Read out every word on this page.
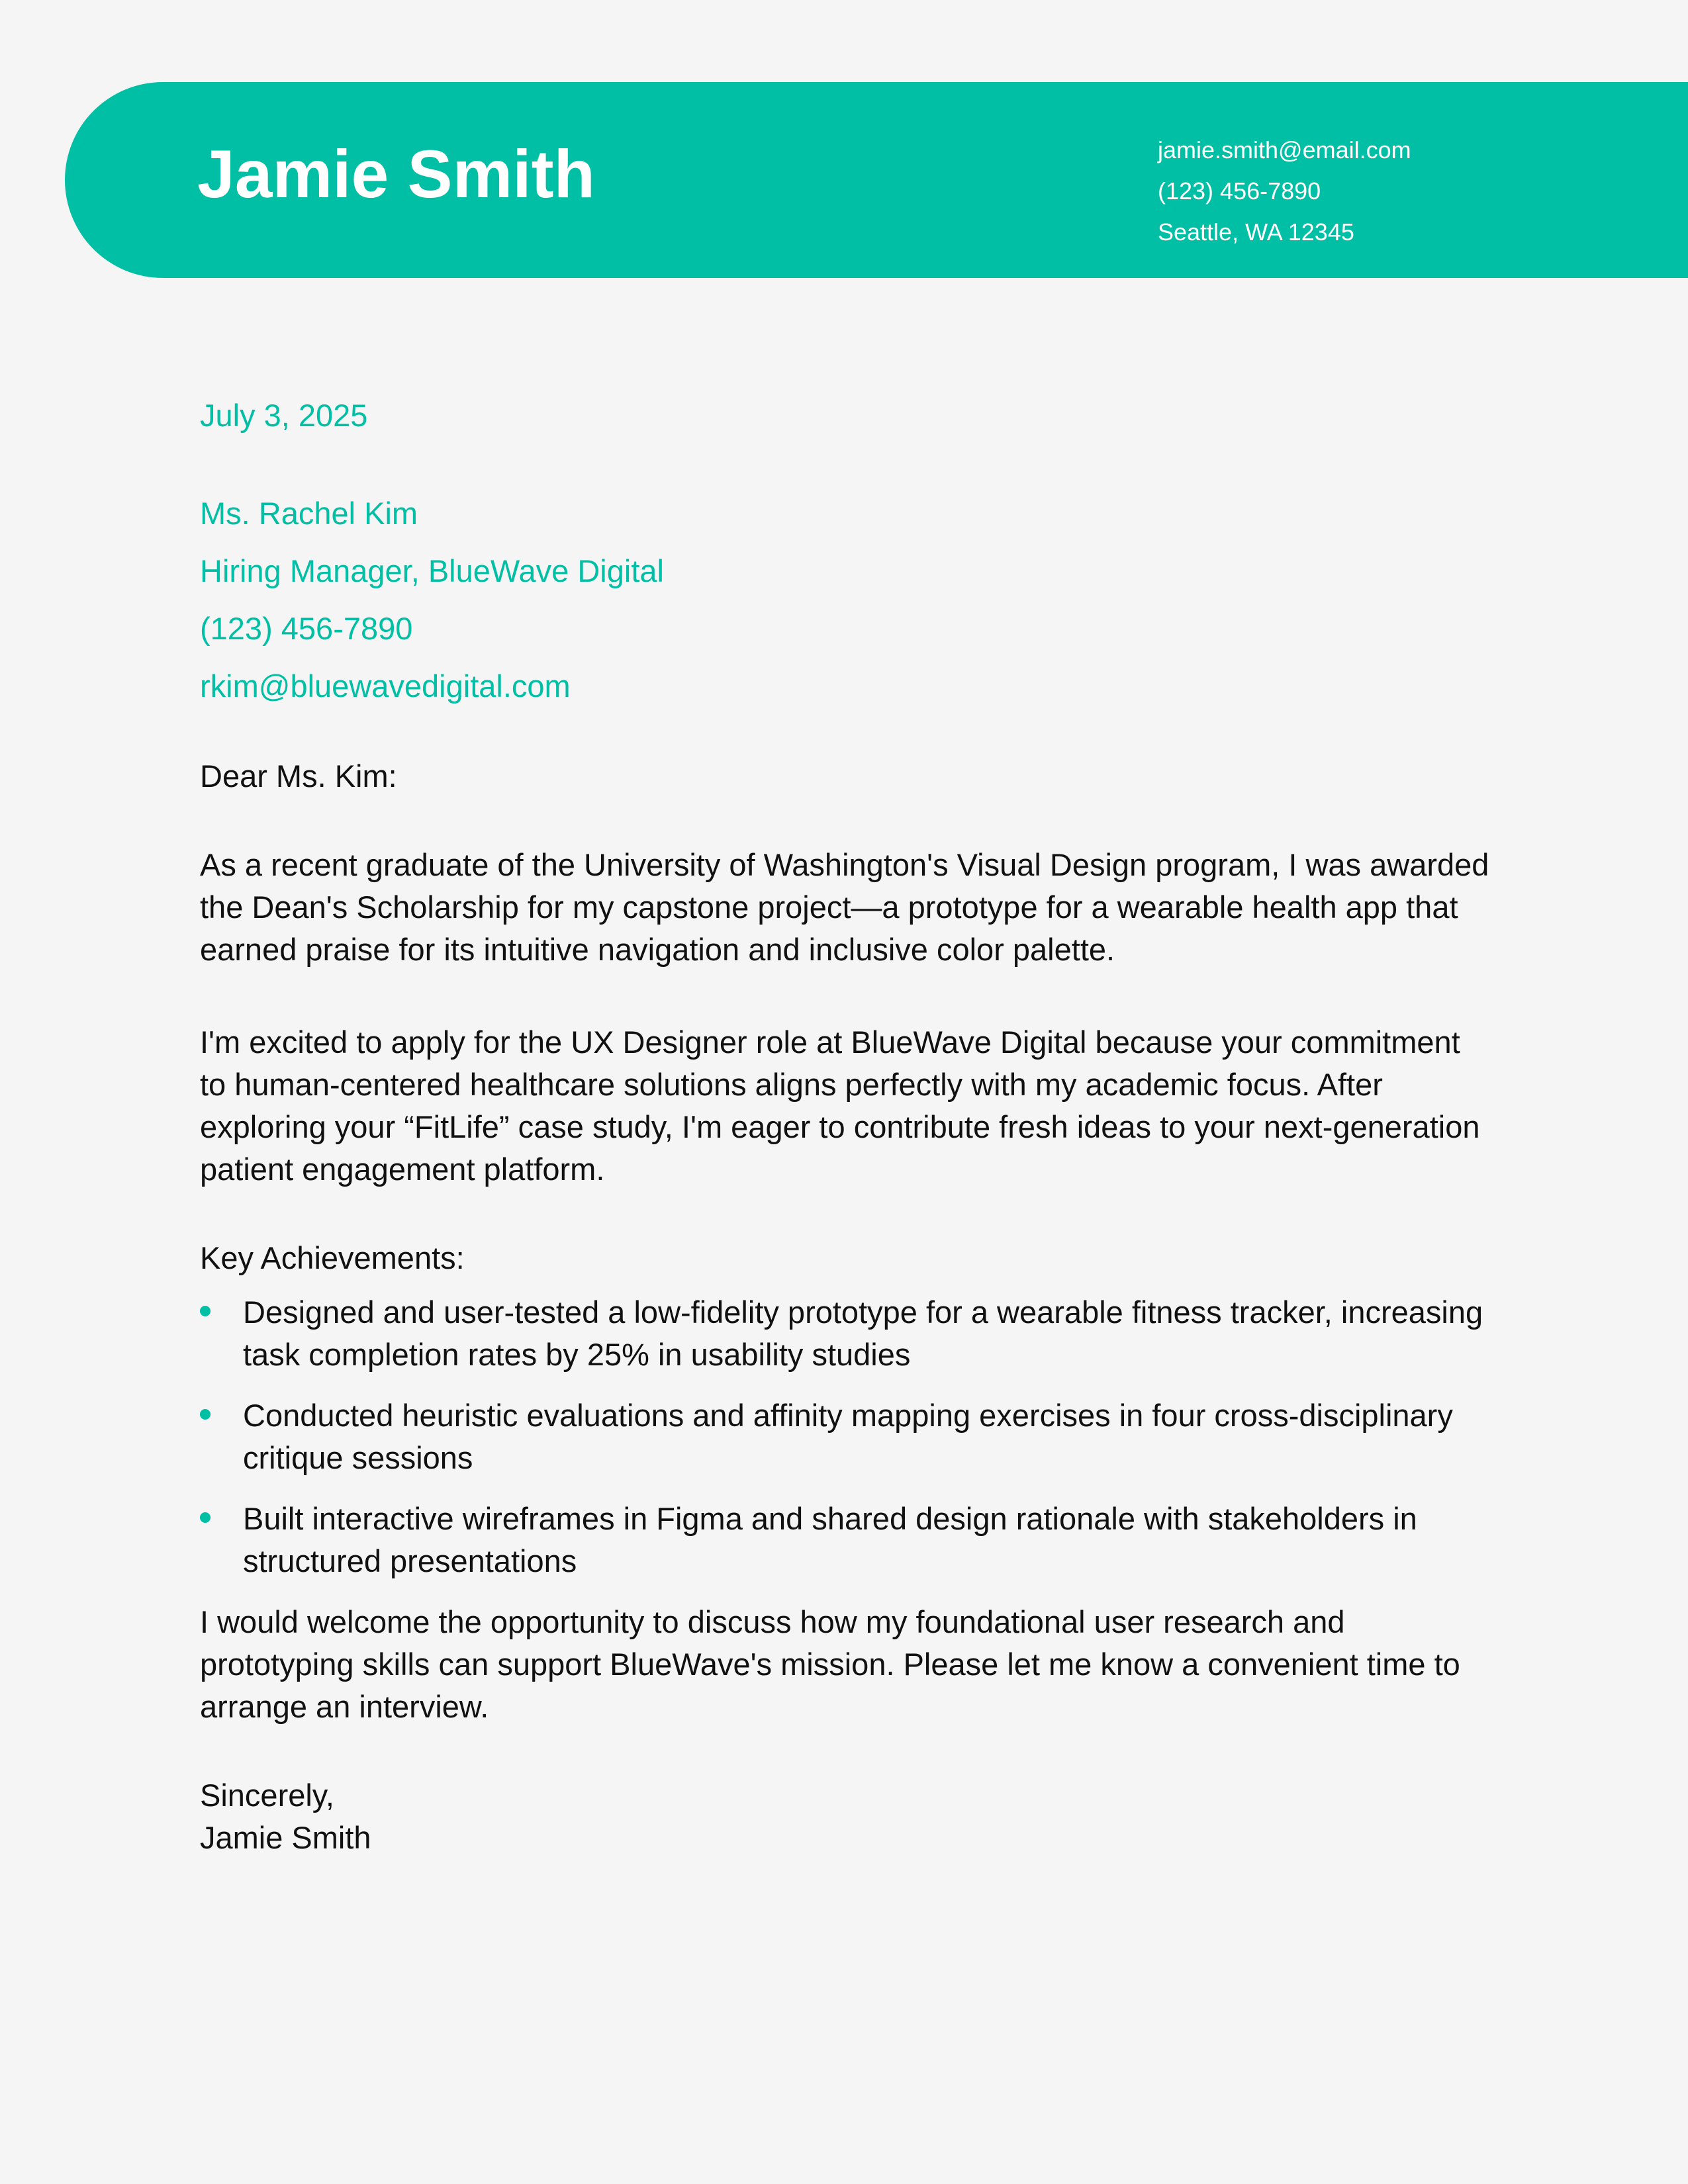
Jamie Smith	jamie.smith@email.com
(123) 456-7890
Seattle, WA 12345
July 3, 2025
Ms. Rachel Kim
Hiring Manager, BlueWave Digital
(123) 456-7890
rkim@bluewavedigital.com
Dear Ms. Kim:

As a recent graduate of the University of Washington's Visual Design program, I was awarded the Dean's Scholarship for my capstone project—a prototype for a wearable health app that earned praise for its intuitive navigation and inclusive color palette.

I'm excited to apply for the UX Designer role at BlueWave Digital because your commitment to human-centered healthcare solutions aligns perfectly with my academic focus. After exploring your “FitLife” case study, I'm eager to contribute fresh ideas to your next-generation patient engagement platform.

Key Achievements:
Designed and user-tested a low-fidelity prototype for a wearable fitness tracker, increasing task completion rates by 25% in usability studies
Conducted heuristic evaluations and affinity mapping exercises in four cross-disciplinary critique sessions
Built interactive wireframes in Figma and shared design rationale with stakeholders in structured presentations

I would welcome the opportunity to discuss how my foundational user research and prototyping skills can support BlueWave's mission. Please let me know a convenient time to arrange an interview.

Sincerely,
Jamie Smith
